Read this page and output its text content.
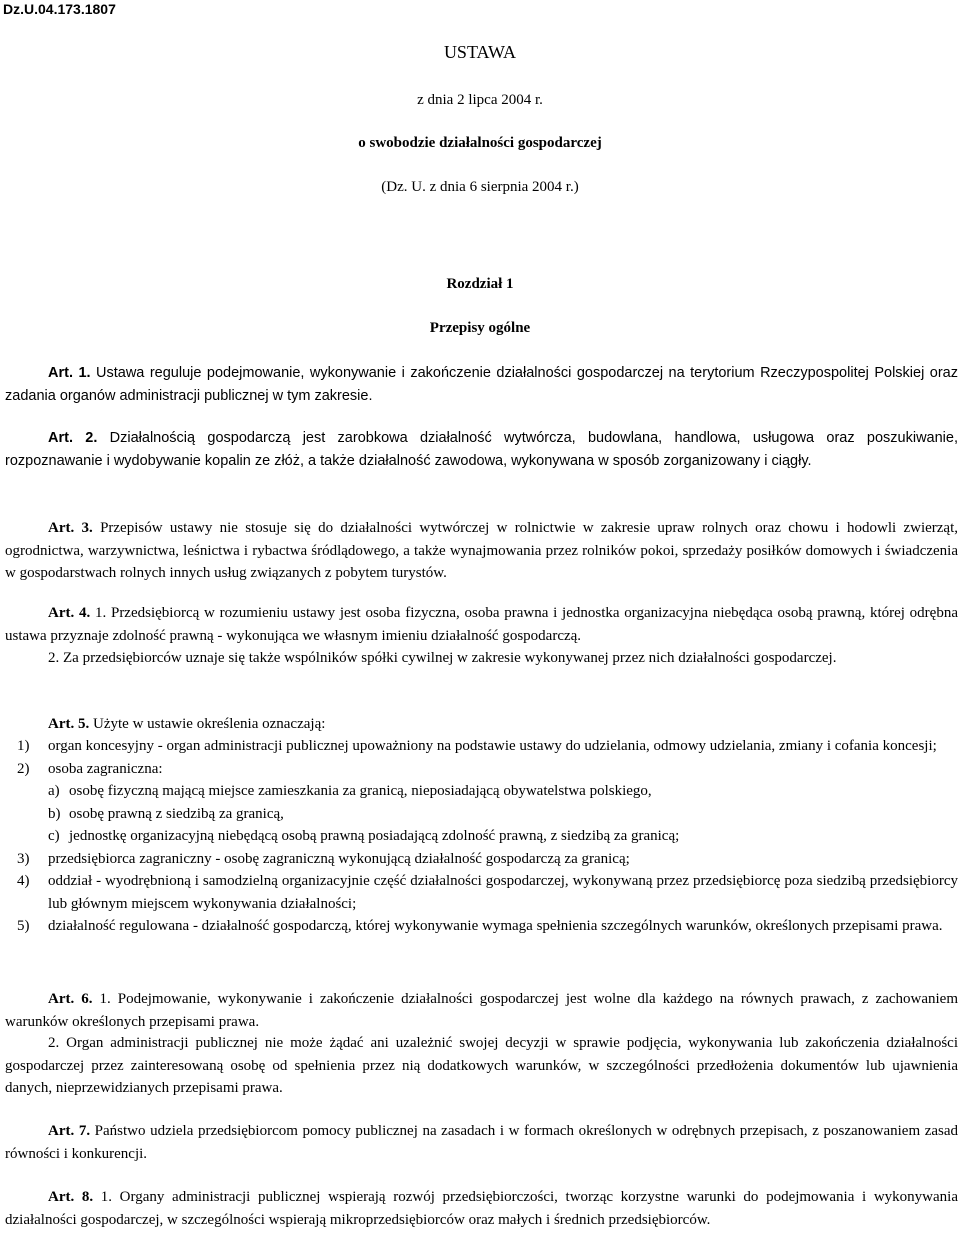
Dz.U.04.173.1807
USTAWA
z dnia 2 lipca 2004 r.
o swobodzie działalności gospodarczej
(Dz. U. z dnia 6 sierpnia 2004 r.)
Rozdział 1
Przepisy ogólne
Art. 1. Ustawa reguluje podejmowanie, wykonywanie i zakończenie działalności gospodarczej na terytorium Rzeczypospolitej Polskiej oraz zadania organów administracji publicznej w tym zakresie.
Art. 2. Działalnością gospodarczą jest zarobkowa działalność wytwórcza, budowlana, handlowa, usługowa oraz poszukiwanie, rozpoznawanie i wydobywanie kopalin ze złóż, a także działalność zawodowa, wykonywana w sposób zorganizowany i ciągły.
Art. 3. Przepisów ustawy nie stosuje się do działalności wytwórczej w rolnictwie w zakresie upraw rolnych oraz chowu i hodowli zwierząt, ogrodnictwa, warzywnictwa, leśnictwa i rybactwa śródlądowego, a także wynajmowania przez rolników pokoi, sprzedaży posiłków domowych i świadczenia w gospodarstwach rolnych innych usług związanych z pobytem turystów.
Art. 4. 1. Przedsiębiorcą w rozumieniu ustawy jest osoba fizyczna, osoba prawna i jednostka organizacyjna niebędąca osobą prawną, której odrębna ustawa przyznaje zdolność prawną - wykonująca we własnym imieniu działalność gospodarczą.
2. Za przedsiębiorców uznaje się także wspólników spółki cywilnej w zakresie wykonywanej przez nich działalności gospodarczej.
Art. 5. Użyte w ustawie określenia oznaczają:
1) organ koncesyjny - organ administracji publicznej upoważniony na podstawie ustawy do udzielania, odmowy udzielania, zmiany i cofania koncesji;
2) osoba zagraniczna:
a) osobę fizyczną mającą miejsce zamieszkania za granicą, nieposiadającą obywatelstwa polskiego,
b) osobę prawną z siedzibą za granicą,
c) jednostkę organizacyjną niebędącą osobą prawną posiadającą zdolność prawną, z siedzibą za granicą;
3) przedsiębiorca zagraniczny - osobę zagraniczną wykonującą działalność gospodarczą za granicą;
4) oddział - wyodrębnioną i samodzielną organizacyjnie część działalności gospodarczej, wykonywaną przez przedsiębiorcę poza siedzibą przedsiębiorcy lub głównym miejscem wykonywania działalności;
5) działalność regulowana - działalność gospodarczą, której wykonywanie wymaga spełnienia szczególnych warunków, określonych przepisami prawa.
Art. 6. 1. Podejmowanie, wykonywanie i zakończenie działalności gospodarczej jest wolne dla każdego na równych prawach, z zachowaniem warunków określonych przepisami prawa.
2. Organ administracji publicznej nie może żądać ani uzależnić swojej decyzji w sprawie podjęcia, wykonywania lub zakończenia działalności gospodarczej przez zainteresowaną osobę od spełnienia przez nią dodatkowych warunków, w szczególności przedłożenia dokumentów lub ujawnienia danych, nieprzewidzianych przepisami prawa.
Art. 7. Państwo udziela przedsiębiorcom pomocy publicznej na zasadach i w formach określonych w odrębnych przepisach, z poszanowaniem zasad równości i konkurencji.
Art. 8. 1. Organy administracji publicznej wspierają rozwój przedsiębiorczości, tworząc korzystne warunki do podejmowania i wykonywania działalności gospodarczej, w szczególności wspierają mikroprzedsiębiorców oraz małych i średnich przedsiębiorców.
